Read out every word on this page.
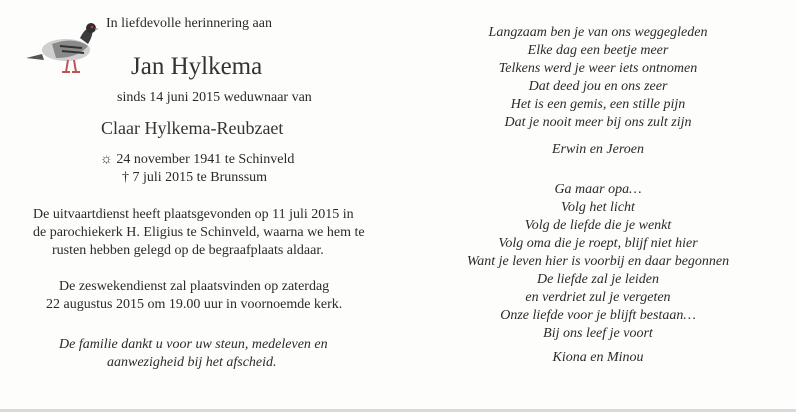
In liefdevolle herinnering aan
Jan Hylkema
sinds 14 juni 2015 weduwnaar van
Claar Hylkema-Reubzaet
☼ 24 november 1941 te Schinveld
† 7 juli 2015 te Brunssum
De uitvaartdienst heeft plaatsgevonden op 11 juli 2015 in
de parochiekerk H. Eligius te Schinveld, waarna we hem te
rusten hebben gelegd op de begraafplaats aldaar.
De zeswekendienst zal plaatsvinden op zaterdag
22 augustus 2015 om 19.00 uur in voornoemde kerk.
De familie dankt u voor uw steun, medeleven en
aanwezigheid bij het afscheid.
Langzaam ben je van ons weggegleden
Elke dag een beetje meer
Telkens werd je weer iets ontnomen
Dat deed jou en ons zeer
Het is een gemis, een stille pijn
Dat je nooit meer bij ons zult zijn
Erwin en Jeroen
Ga maar opa…
Volg het licht
Volg de liefde die je wenkt
Volg oma die je roept, blijf niet hier
Want je leven hier is voorbij en daar begonnen
De liefde zal je leiden
en verdriet zul je vergeten
Onze liefde voor je blijft bestaan…
Bij ons leef je voort
Kiona en Minou
